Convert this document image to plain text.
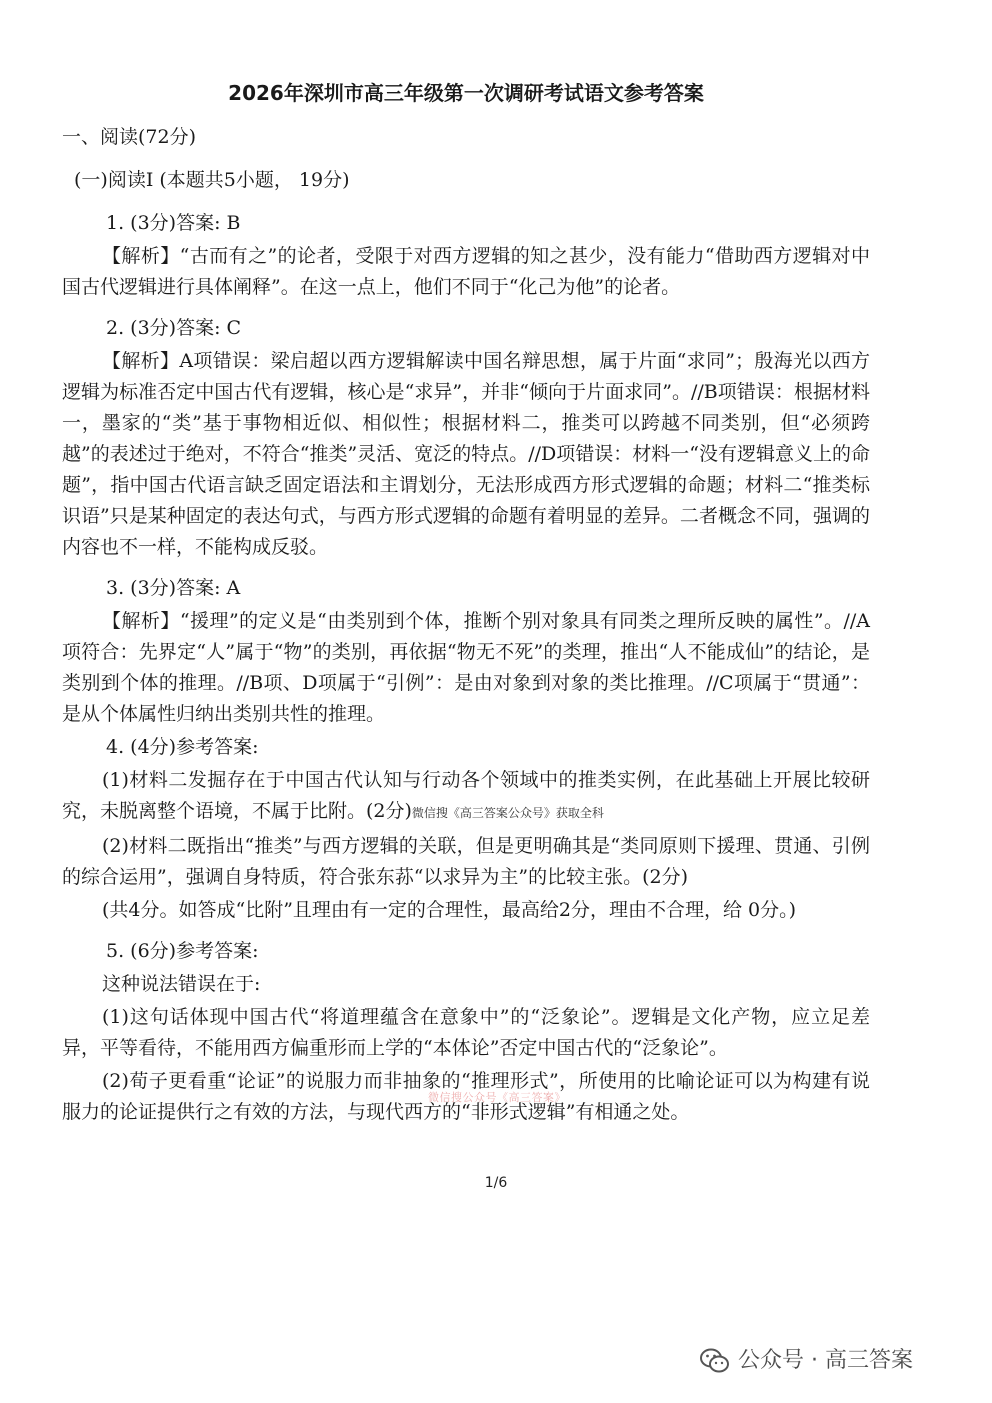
2026年深圳市高三年级第一次调研考试语文参考答案
一、阅读(72分)
(一)阅读Ⅰ (本题共5小题， 19分)
1. (3分)答案: B
【解析】“古而有之”的论者，受限于对西方逻辑的知之甚少，没有能力“借助西方逻辑对中国古代逻辑进行具体阐释”。在这一点上，他们不同于“化己为他”的论者。
2. (3分)答案: C
【解析】A项错误：梁启超以西方逻辑解读中国名辩思想，属于片面“求同”；殷海光以西方逻辑为标准否定中国古代有逻辑，核心是“求异”，并非“倾向于片面求同”。//B项错误：根据材料一，墨家的“类”基于事物相近似、相似性；根据材料二，推类可以跨越不同类别，但“必须跨越”的表述过于绝对，不符合“推类”灵活、宽泛的特点。//D项错误：材料一“没有逻辑意义上的命题”，指中国古代语言缺乏固定语法和主谓划分，无法形成西方形式逻辑的命题；材料二“推类标识语”只是某种固定的表达句式，与西方形式逻辑的命题有着明显的差异。二者概念不同，强调的内容也不一样，不能构成反驳。
3. (3分)答案: A
【解析】“援理”的定义是“由类别到个体，推断个别对象具有同类之理所反映的属性”。//A项符合：先界定“人”属于“物”的类别，再依据“物无不死”的类理，推出“人不能成仙”的结论，是类别到个体的推理。//B项、D项属于“引例”：是由对象到对象的类比推理。//C项属于“贯通”：是从个体属性归纳出类别共性的推理。
4. (4分)参考答案:
(1)材料二发掘存在于中国古代认知与行动各个领域中的推类实例，在此基础上开展比较研究，未脱离整个语境，不属于比附。(2分)微信搜《高三答案公众号》获取全科
(2)材料二既指出“推类”与西方逻辑的关联，但是更明确其是“类同原则下援理、贯通、引例的综合运用”，强调自身特质，符合张东荪“以求异为主”的比较主张。(2分)
(共4分。如答成“比附”且理由有一定的合理性，最高给2分，理由不合理，给 0分。)
5. (6分)参考答案:
这种说法错误在于:
(1)这句话体现中国古代“将道理蕴含在意象中”的“泛象论”。逻辑是文化产物，应立足差异，平等看待，不能用西方偏重形而上学的“本体论”否定中国古代的“泛象论”。
(2)荀子更看重“论证”的说服力而非抽象的“推理形式”，所使用的比喻论证可以为构建有说服力的论证提供行之有效的方法，与现代西方的“非形式逻辑”有相通之处。
微信搜公众号《高三答案》
1/6
公众号 · 高三答案
